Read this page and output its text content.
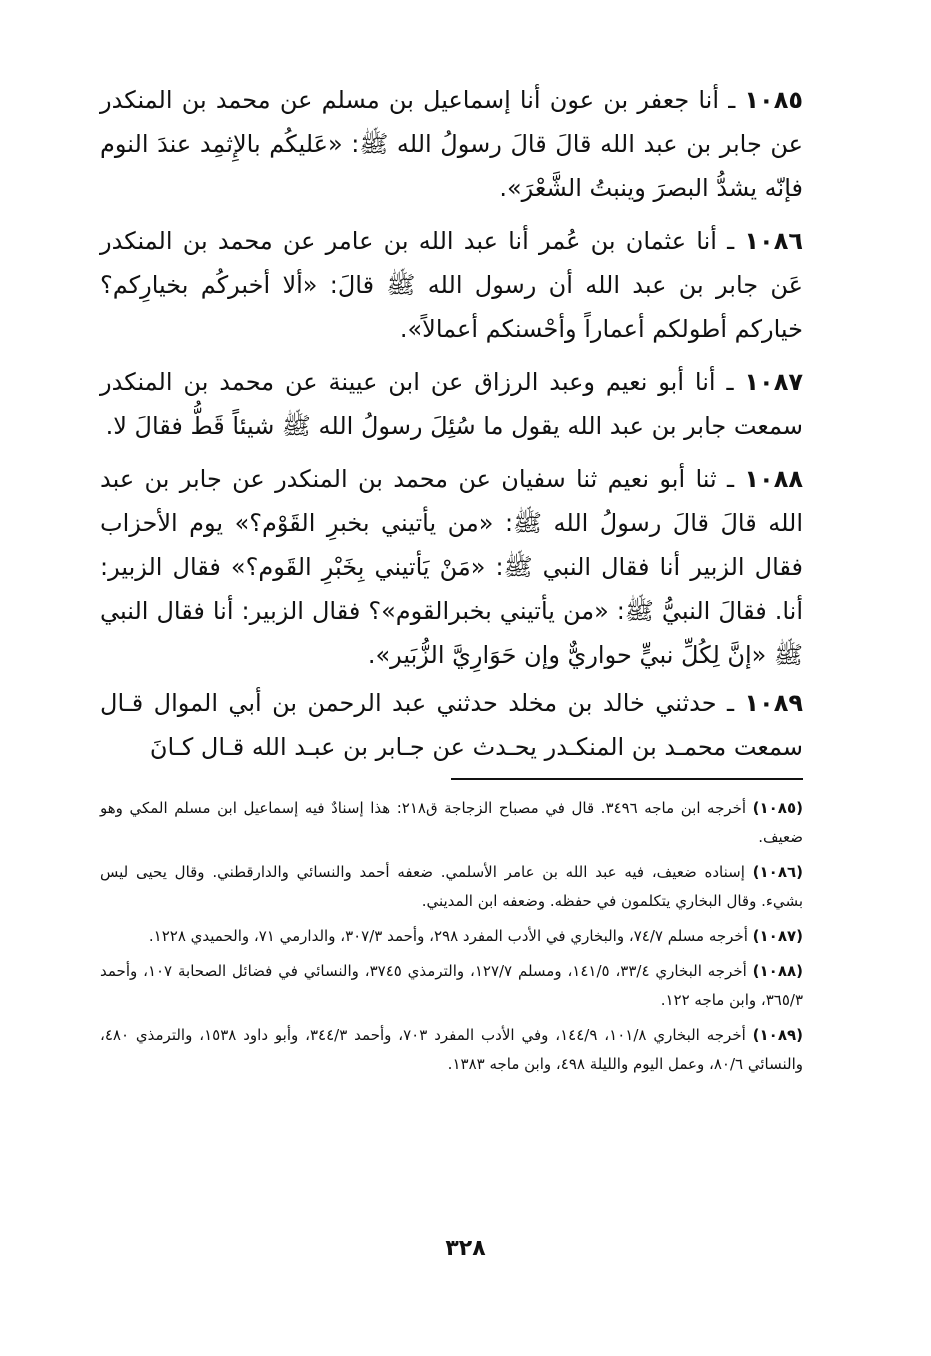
١٠٨٥ ـ أنا جعفر بن عون أنا إسماعيل بن مسلم عن محمد بن المنكدر عن جابر بن عبد الله قالَ قالَ رسولُ الله ﷺ: «عَليكُم بالإِثمِد عندَ النوم فإنّه يشدُّ البصرَ وينبتُ الشَّعْرَ».

١٠٨٦ ـ أنا عثمان بن عُمر أنا عبد الله بن عامر عن محمد بن المنكدر عَن جابر بن عبد الله أن رسول الله ﷺ قالَ: «ألا أخبركُم بخيارِكم؟ خياركم أطولكم أعماراً وأحْسنكم أعمالاً».

١٠٨٧ ـ أنا أبو نعيم وعبد الرزاق عن ابن عيينة عن محمد بن المنكدر سمعت جابر بن عبد الله يقول ما سُئِلَ رسولُ الله ﷺ شيئاً قَطُّ فقالَ لا.

١٠٨٨ ـ ثنا أبو نعيم ثنا سفيان عن محمد بن المنكدر عن جابر بن عبد الله قالَ قالَ رسولُ الله ﷺ: «من يأتيني بخبرِ القَوْم؟» يوم الأحزاب فقال الزبير أنا فقال النبي ﷺ: «مَنْ يَأتيني بِخَبْرِ القَوم؟» فقال الزبير: أنا. فقالَ النبيُّ ﷺ: «من يأتيني بخبرالقوم»؟ فقال الزبير: أنا فقال النبي ﷺ «إنَّ لِكُلِّ نبيٍّ حواريٌّ وإن حَوَارِيَّ الزُّبَير».

١٠٨٩ ـ حدثني خالد بن مخلد حدثني عبد الرحمن بن أبي الموال قـال سمعت محمـد بن المنكـدر يحـدث عن جـابر بن عبـد الله قـال كـانَ

(١٠٨٥) أخرجه ابن ماجه ٣٤٩٦. قال في مصباح الزجاجة ق٢١٨: هذا إسنادٌ فيه إسماعيل ابن مسلم المكي وهو ضعيف.

(١٠٨٦) إسناده ضعيف، فيه عبد الله بن عامر الأسلمي. ضعفه أحمد والنسائي والدارقطني. وقال يحيى ليس بشيء. وقال البخاري يتكلمون في حفظه. وضعفه ابن المديني.

(١٠٨٧) أخرجه مسلم ٧٤/٧، والبخاري في الأدب المفرد ٢٩٨، وأحمد ٣٠٧/٣، والدارمي ٧١، والحميدي ١٢٢٨.

(١٠٨٨) أخرجه البخاري ٣٣/٤، ١٤١/٥، ومسلم ١٢٧/٧، والترمذي ٣٧٤٥، والنسائي في فضائل الصحابة ١٠٧، وأحمد ٣٦٥/٣، وابن ماجه ١٢٢.

(١٠٨٩) أخرجه البخاري ١٠١/٨، ١٤٤/٩، وفي الأدب المفرد ٧٠٣، وأحمد ٣٤٤/٣، وأبو داود ١٥٣٨، والترمذي ٤٨٠، والنسائي ٨٠/٦، وعمل اليوم والليلة ٤٩٨، وابن ماجه ١٣٨٣.

٣٢٨
